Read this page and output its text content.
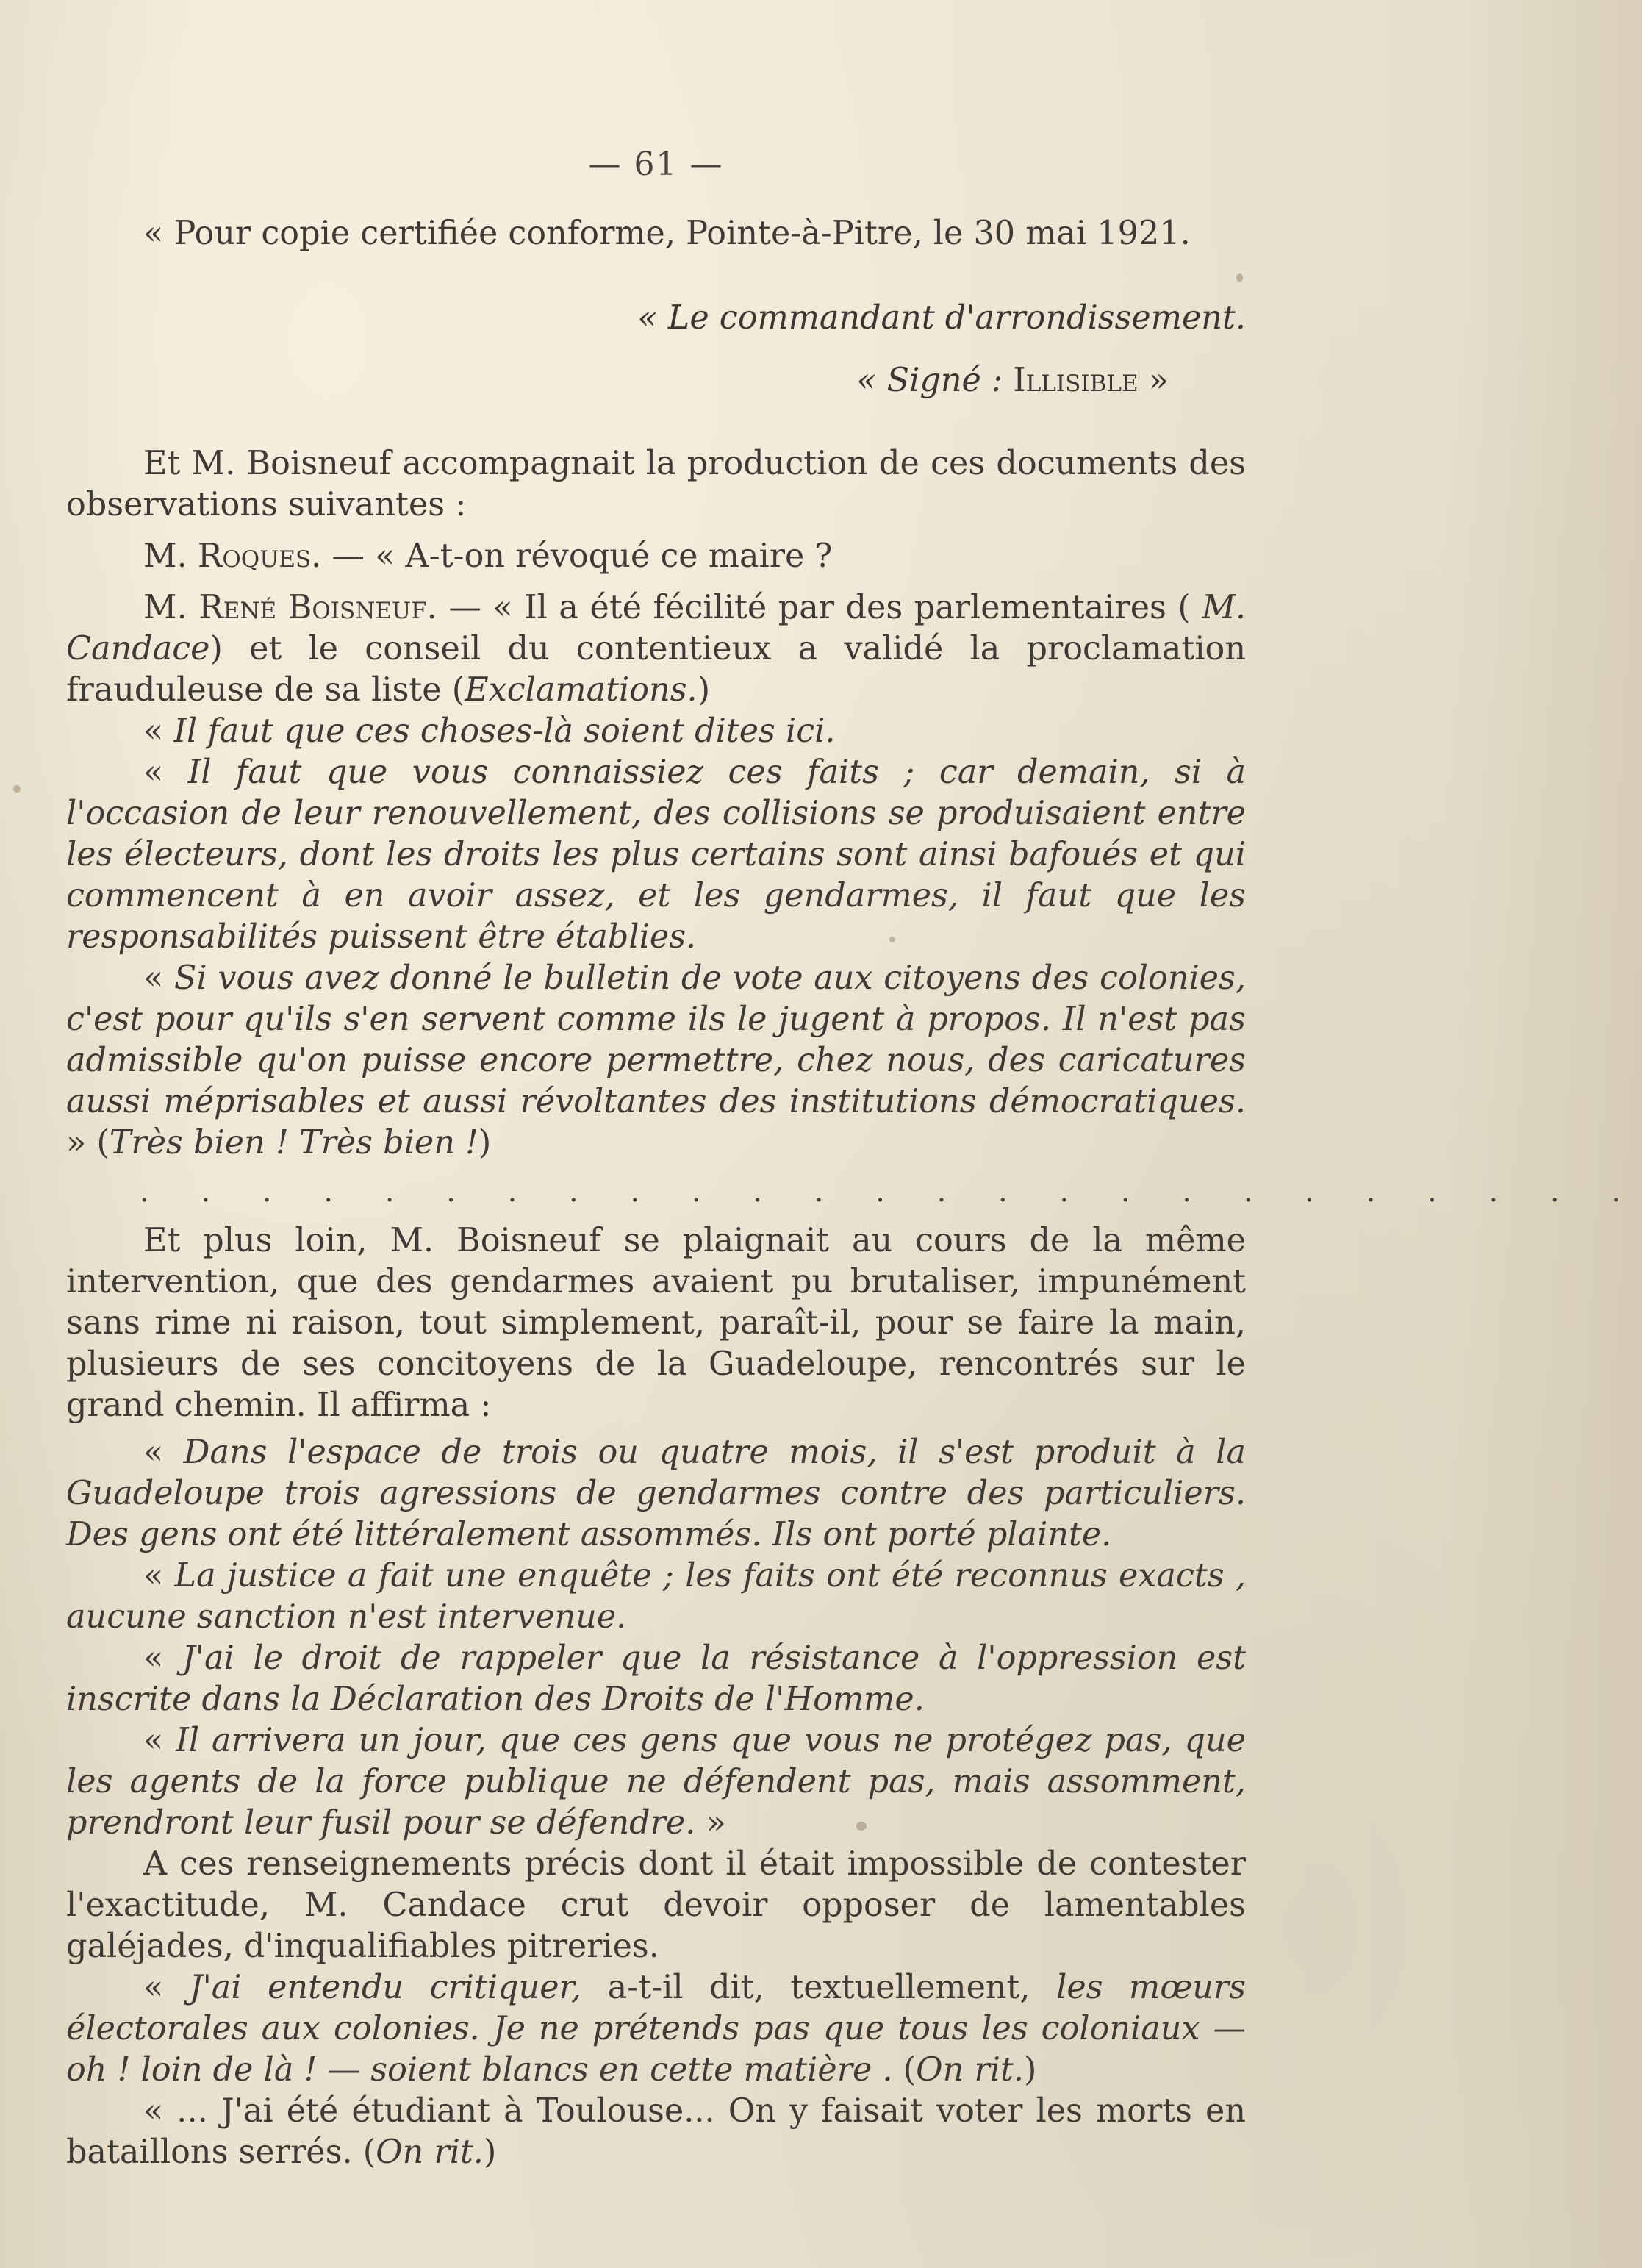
— 61 —

« Pour copie certifiée conforme, Pointe-à-Pitre, le 30 mai 1921.

« Le commandant d'arrondissement.
« Signé : Illisible »

Et M. Boisneuf accompagnait la production de ces documents des observations suivantes :

M. Roques. — « A-t-on révoqué ce maire ?

M. René Boisneuf. — « Il a été fécilité par des parlementaires ( M. Candace) et le conseil du contentieux a validé la proclamation frauduleuse de sa liste (Exclamations.)

« Il faut que ces choses-là soient dites ici.

« Il faut que vous connaissiez ces faits ; car demain, si à l'occasion de leur renouvellement, des collisions se produisaient entre les électeurs, dont les droits les plus certains sont ainsi bafoués et qui commencent à en avoir assez, et les gendarmes, il faut que les responsabilités puissent être établies.

« Si vous avez donné le bulletin de vote aux citoyens des colonies, c'est pour qu'ils s'en servent comme ils le jugent à propos. Il n'est pas admissible qu'on puisse encore permettre, chez nous, des caricatures aussi méprisables et aussi révoltantes des institutions démocratiques. » (Très bien ! Très bien !)

. . . . . . . . . . . . . . . . . . . . . . . . .

Et plus loin, M. Boisneuf se plaignait au cours de la même intervention, que des gendarmes avaient pu brutaliser, impunément sans rime ni raison, tout simplement, paraît-il, pour se faire la main, plusieurs de ses concitoyens de la Guadeloupe, rencontrés sur le grand chemin. Il affirma :

« Dans l'espace de trois ou quatre mois, il s'est produit à la Guadeloupe trois agressions de gendarmes contre des particuliers. Des gens ont été littéralement assommés. Ils ont porté plainte.

« La justice a fait une enquête ; les faits ont été reconnus exacts , aucune sanction n'est intervenue.

« J'ai le droit de rappeler que la résistance à l'oppression est inscrite dans la Déclaration des Droits de l'Homme.

« Il arrivera un jour, que ces gens que vous ne protégez pas, que les agents de la force publique ne défendent pas, mais assomment, prendront leur fusil pour se défendre. »

A ces renseignements précis dont il était impossible de contester l'exactitude, M. Candace crut devoir opposer de lamentables galéjades, d'inqualifiables pitreries.

« J'ai entendu critiquer, a-t-il dit, textuellement, les mœurs électorales aux colonies. Je ne prétends pas que tous les coloniaux — oh ! loin de là ! — soient blancs en cette matière . (On rit.)

« ... J'ai été étudiant à Toulouse... On y faisait voter les morts en bataillons serrés. (On rit.)
